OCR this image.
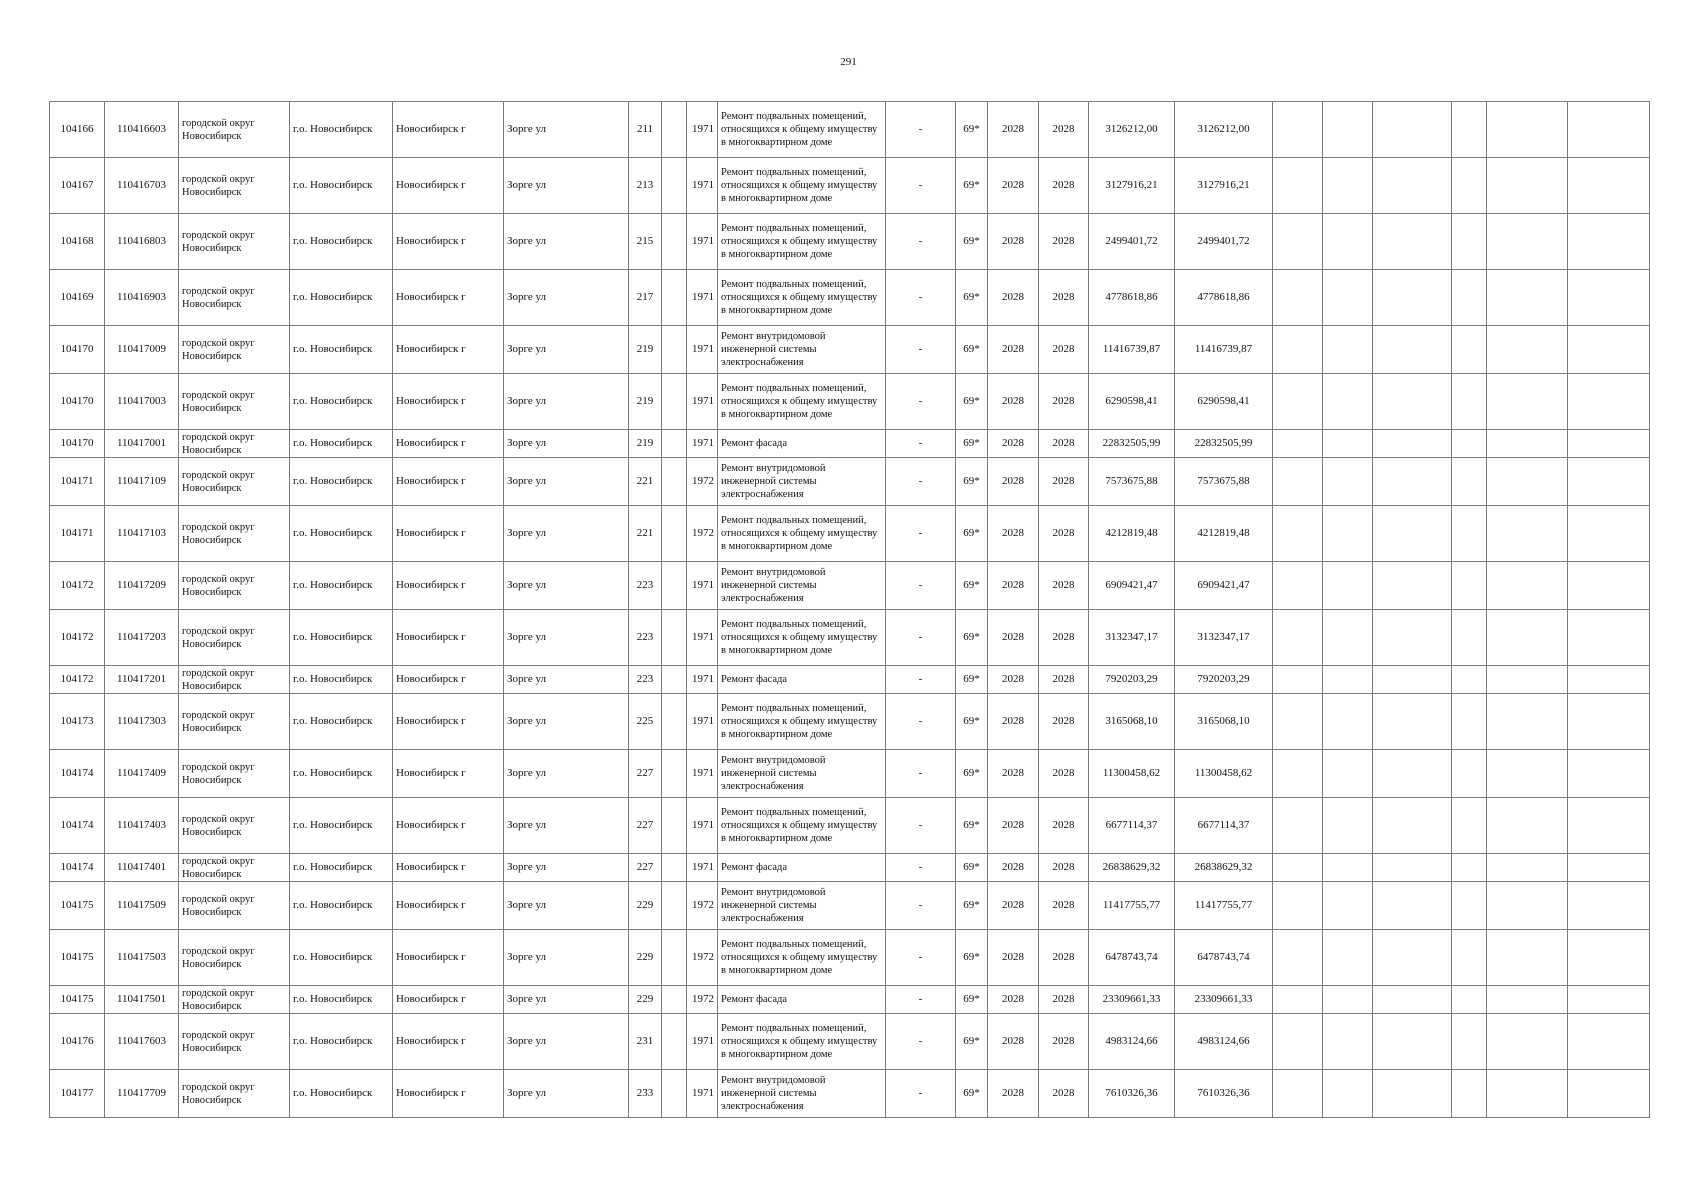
291
104166	110416603	городской округ Новосибирск	г.о. Новосибирск	Новосибирск г	Зорге ул	211		1971	Ремонт подвальных помещений, относящихся к общему имуществу в многоквартирном доме	-	69*	2028	2028	3126212,00	3126212,00						
104167	110416703	городской округ Новосибирск	г.о. Новосибирск	Новосибирск г	Зорге ул	213		1971	Ремонт подвальных помещений, относящихся к общему имуществу в многоквартирном доме	-	69*	2028	2028	3127916,21	3127916,21						
104168	110416803	городской округ Новосибирск	г.о. Новосибирск	Новосибирск г	Зорге ул	215		1971	Ремонт подвальных помещений, относящихся к общему имуществу в многоквартирном доме	-	69*	2028	2028	2499401,72	2499401,72						
104169	110416903	городской округ Новосибирск	г.о. Новосибирск	Новосибирск г	Зорге ул	217		1971	Ремонт подвальных помещений, относящихся к общему имуществу в многоквартирном доме	-	69*	2028	2028	4778618,86	4778618,86						
104170	110417009	городской округ Новосибирск	г.о. Новосибирск	Новосибирск г	Зорге ул	219		1971	Ремонт внутридомовой инженерной системы электроснабжения	-	69*	2028	2028	11416739,87	11416739,87						
104170	110417003	городской округ Новосибирск	г.о. Новосибирск	Новосибирск г	Зорге ул	219		1971	Ремонт подвальных помещений, относящихся к общему имуществу в многоквартирном доме	-	69*	2028	2028	6290598,41	6290598,41						
104170	110417001	городской округ Новосибирск	г.о. Новосибирск	Новосибирск г	Зорге ул	219		1971	Ремонт фасада	-	69*	2028	2028	22832505,99	22832505,99						
104171	110417109	городской округ Новосибирск	г.о. Новосибирск	Новосибирск г	Зорге ул	221		1972	Ремонт внутридомовой инженерной системы электроснабжения	-	69*	2028	2028	7573675,88	7573675,88						
104171	110417103	городской округ Новосибирск	г.о. Новосибирск	Новосибирск г	Зорге ул	221		1972	Ремонт подвальных помещений, относящихся к общему имуществу в многоквартирном доме	-	69*	2028	2028	4212819,48	4212819,48						
104172	110417209	городской округ Новосибирск	г.о. Новосибирск	Новосибирск г	Зорге ул	223		1971	Ремонт внутридомовой инженерной системы электроснабжения	-	69*	2028	2028	6909421,47	6909421,47						
104172	110417203	городской округ Новосибирск	г.о. Новосибирск	Новосибирск г	Зорге ул	223		1971	Ремонт подвальных помещений, относящихся к общему имуществу в многоквартирном доме	-	69*	2028	2028	3132347,17	3132347,17						
104172	110417201	городской округ Новосибирск	г.о. Новосибирск	Новосибирск г	Зорге ул	223		1971	Ремонт фасада	-	69*	2028	2028	7920203,29	7920203,29						
104173	110417303	городской округ Новосибирск	г.о. Новосибирск	Новосибирск г	Зорге ул	225		1971	Ремонт подвальных помещений, относящихся к общему имуществу в многоквартирном доме	-	69*	2028	2028	3165068,10	3165068,10						
104174	110417409	городской округ Новосибирск	г.о. Новосибирск	Новосибирск г	Зорге ул	227		1971	Ремонт внутридомовой инженерной системы электроснабжения	-	69*	2028	2028	11300458,62	11300458,62						
104174	110417403	городской округ Новосибирск	г.о. Новосибирск	Новосибирск г	Зорге ул	227		1971	Ремонт подвальных помещений, относящихся к общему имуществу в многоквартирном доме	-	69*	2028	2028	6677114,37	6677114,37						
104174	110417401	городской округ Новосибирск	г.о. Новосибирск	Новосибирск г	Зорге ул	227		1971	Ремонт фасада	-	69*	2028	2028	26838629,32	26838629,32						
104175	110417509	городской округ Новосибирск	г.о. Новосибирск	Новосибирск г	Зорге ул	229		1972	Ремонт внутридомовой инженерной системы электроснабжения	-	69*	2028	2028	11417755,77	11417755,77						
104175	110417503	городской округ Новосибирск	г.о. Новосибирск	Новосибирск г	Зорге ул	229		1972	Ремонт подвальных помещений, относящихся к общему имуществу в многоквартирном доме	-	69*	2028	2028	6478743,74	6478743,74						
104175	110417501	городской округ Новосибирск	г.о. Новосибирск	Новосибирск г	Зорге ул	229		1972	Ремонт фасада	-	69*	2028	2028	23309661,33	23309661,33						
104176	110417603	городской округ Новосибирск	г.о. Новосибирск	Новосибирск г	Зорге ул	231		1971	Ремонт подвальных помещений, относящихся к общему имуществу в многоквартирном доме	-	69*	2028	2028	4983124,66	4983124,66						
104177	110417709	городской округ Новосибирск	г.о. Новосибирск	Новосибирск г	Зорге ул	233		1971	Ремонт внутридомовой инженерной системы электроснабжения	-	69*	2028	2028	7610326,36	7610326,36						
